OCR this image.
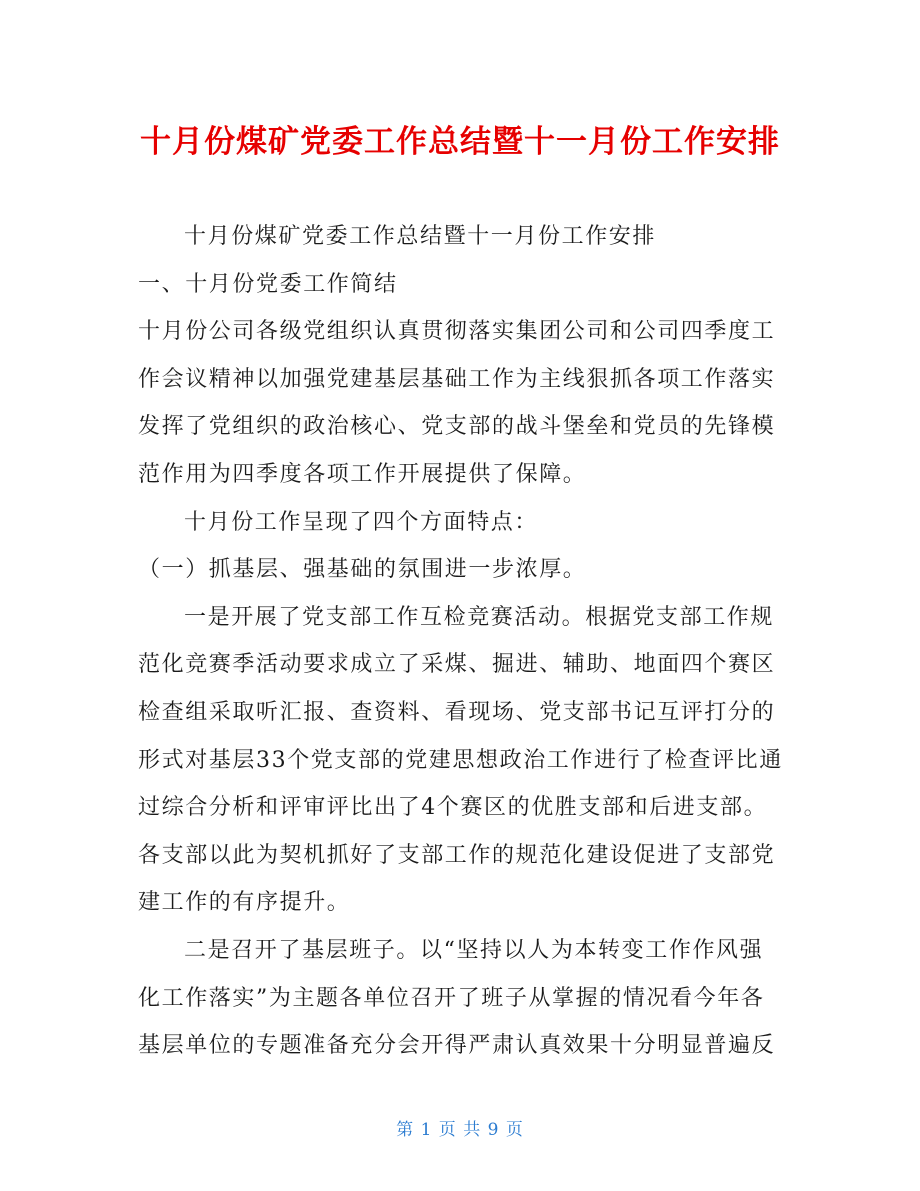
十月份煤矿党委工作总结暨十一月份工作安排
十月份煤矿党委工作总结暨十一月份工作安排
一、十月份党委工作简结
十月份公司各级党组织认真贯彻落实集团公司和公司四季度工
作会议精神以加强党建基层基础工作为主线狠抓各项工作落实
发挥了党组织的政治核心、党支部的战斗堡垒和党员的先锋模
范作用为四季度各项工作开展提供了保障。
十月份工作呈现了四个方面特点：
（一）抓基层、强基础的氛围进一步浓厚。
一是开展了党支部工作互检竞赛活动。根据党支部工作规
范化竞赛季活动要求成立了采煤、掘进、辅助、地面四个赛区
检查组采取听汇报、查资料、看现场、党支部书记互评打分的
形式对基层33个党支部的党建思想政治工作进行了检查评比通
过综合分析和评审评比出了4个赛区的优胜支部和后进支部。
各支部以此为契机抓好了支部工作的规范化建设促进了支部党
建工作的有序提升。
二是召开了基层班子。以“坚持以人为本转变工作作风强
化工作落实”为主题各单位召开了班子从掌握的情况看今年各
基层单位的专题准备充分会开得严肃认真效果十分明显普遍反
第 1 页 共 9 页
